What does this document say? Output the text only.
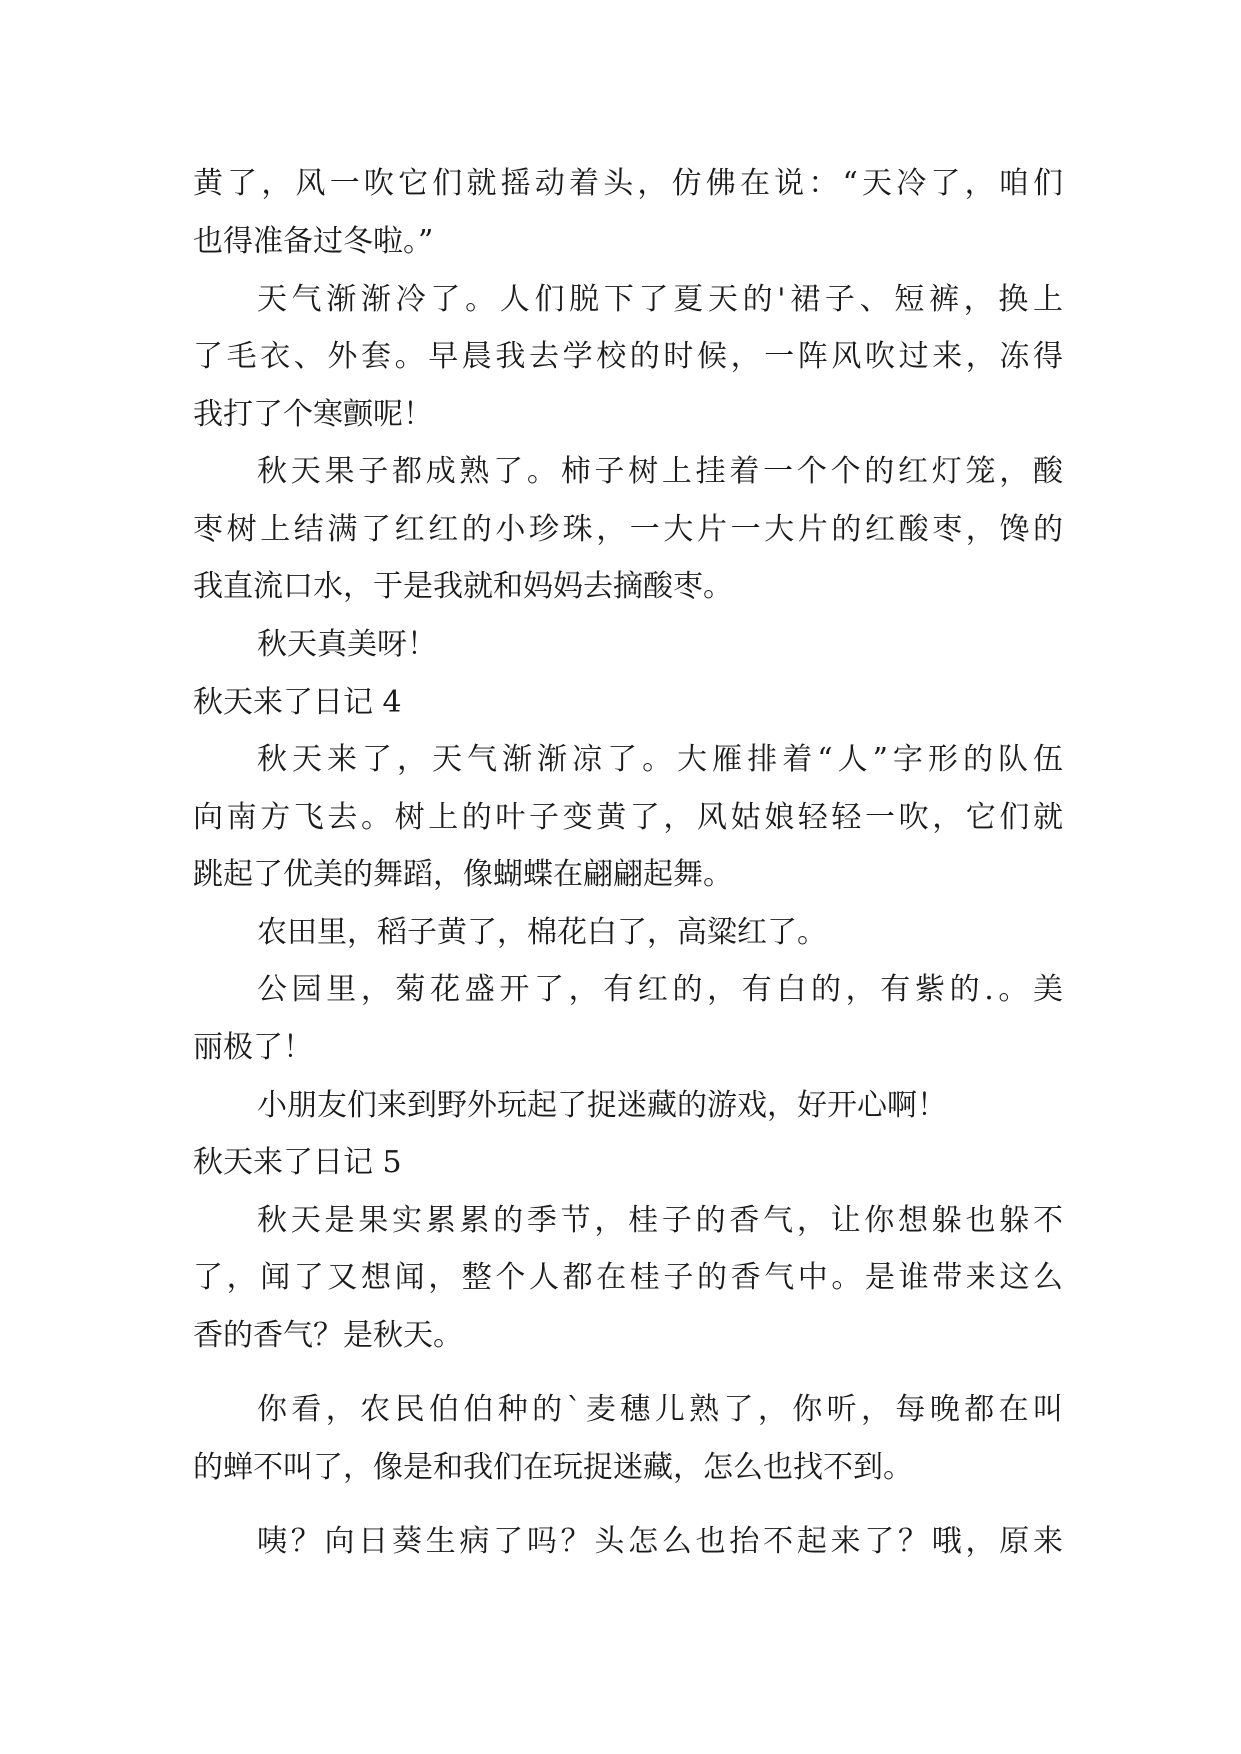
黄了，风一吹它们就摇动着头，仿佛在说：“天冷了，咱们
也得准备过冬啦。”
天气渐渐冷了。人们脱下了夏天的'裙子、短裤，换上
了毛衣、外套。早晨我去学校的时候，一阵风吹过来，冻得
我打了个寒颤呢！
秋天果子都成熟了。柿子树上挂着一个个的红灯笼，酸
枣树上结满了红红的小珍珠，一大片一大片的红酸枣，馋的
我直流口水，于是我就和妈妈去摘酸枣。
秋天真美呀！
秋天来了日记 4
秋天来了，天气渐渐凉了。大雁排着“人”字形的队伍
向南方飞去。树上的叶子变黄了，风姑娘轻轻一吹，它们就
跳起了优美的舞蹈，像蝴蝶在翩翩起舞。
农田里，稻子黄了，棉花白了，高粱红了。
公园里，菊花盛开了，有红的，有白的，有紫的.。美
丽极了！
小朋友们来到野外玩起了捉迷藏的游戏，好开心啊！
秋天来了日记 5
秋天是果实累累的季节，桂子的香气，让你想躲也躲不
了，闻了又想闻，整个人都在桂子的香气中。是谁带来这么
香的香气？是秋天。
你看，农民伯伯种的`麦穗儿熟了，你听，每晚都在叫
的蝉不叫了，像是和我们在玩捉迷藏，怎么也找不到。
咦？向日葵生病了吗？头怎么也抬不起来了？哦，原来
